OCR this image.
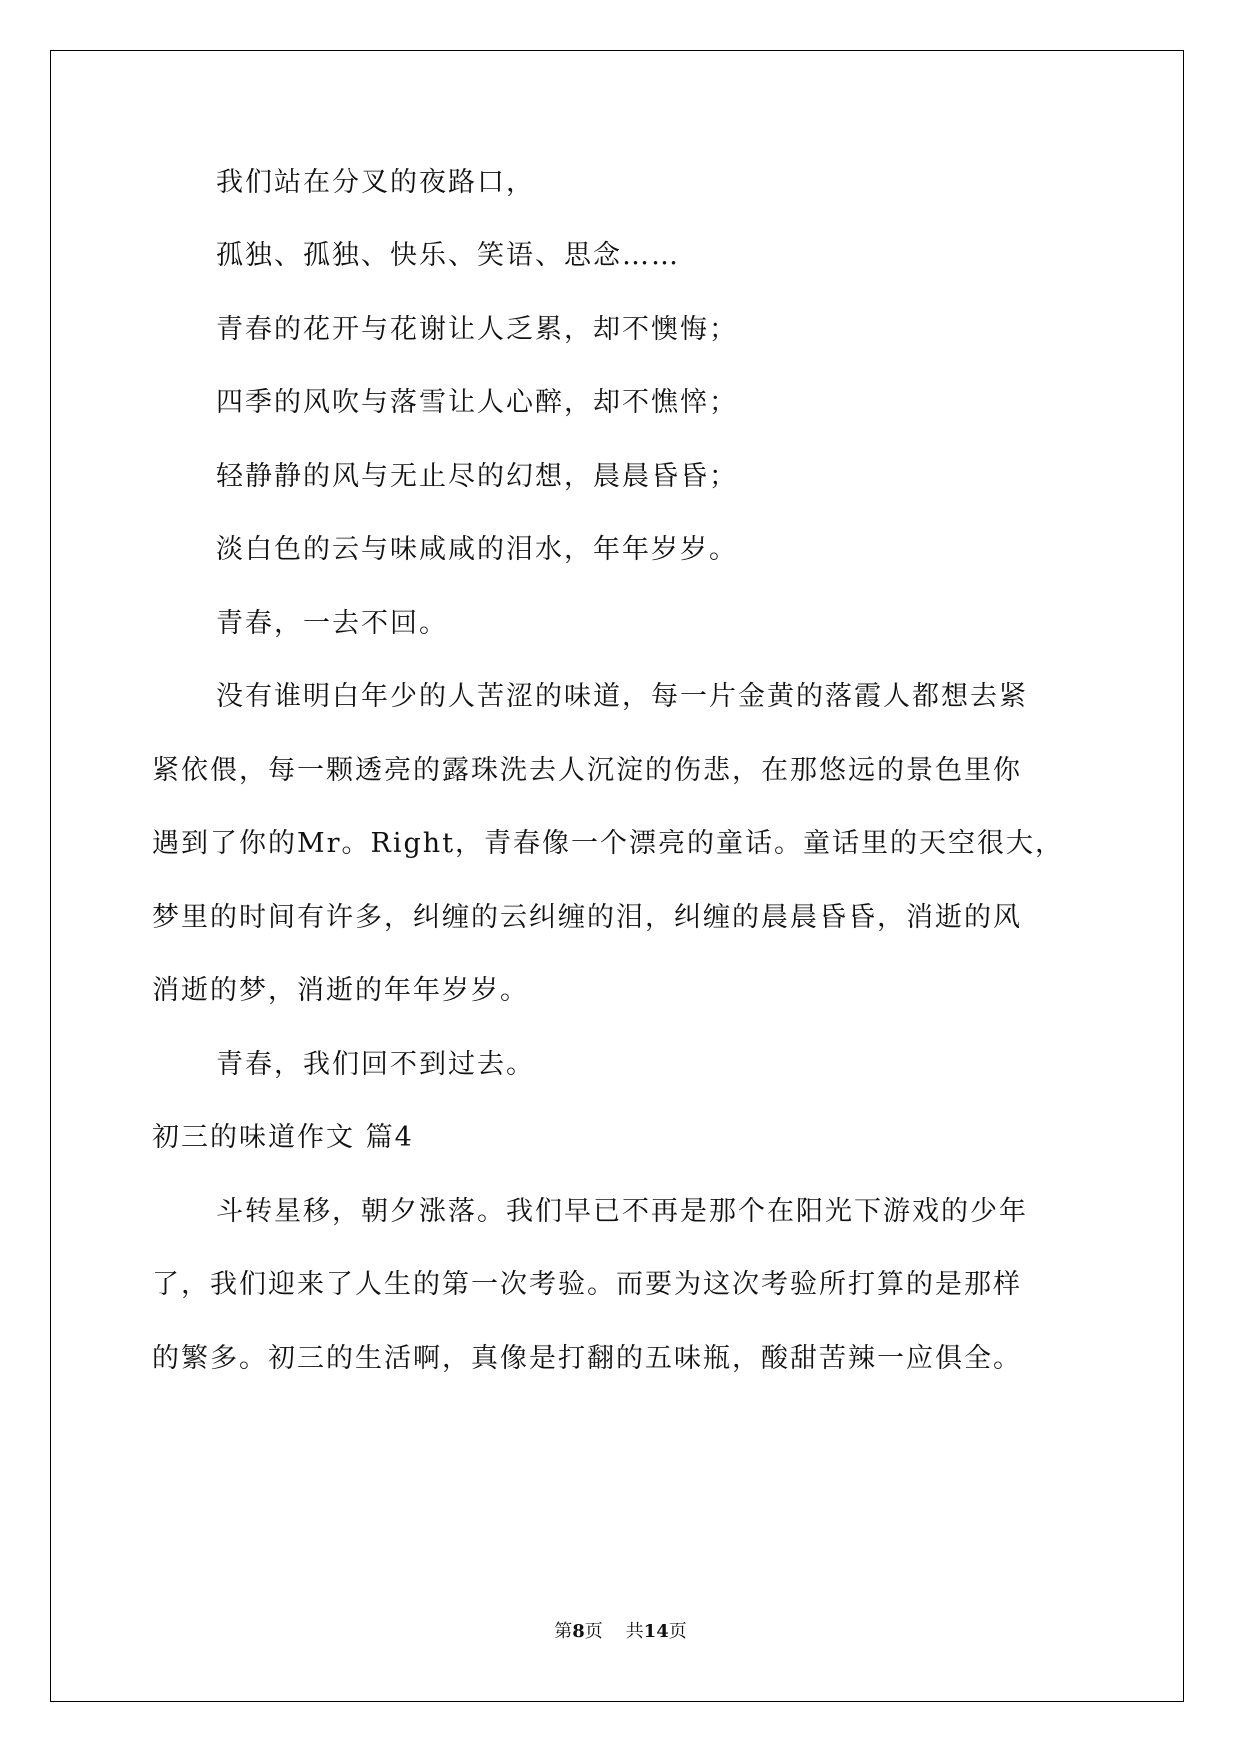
我们站在分叉的夜路口，
孤独、孤独、快乐、笑语、思念……
青春的花开与花谢让人乏累，却不懊悔；
四季的风吹与落雪让人心醉，却不憔悴；
轻静静的风与无止尽的幻想，晨晨昏昏；
淡白色的云与味咸咸的泪水，年年岁岁。
青春，一去不回。
没有谁明白年少的人苦涩的味道，每一片金黄的落霞人都想去紧
紧依偎，每一颗透亮的露珠洗去人沉淀的伤悲，在那悠远的景色里你
遇到了你的Mr。Right，青春像一个漂亮的童话。童话里的天空很大，
梦里的时间有许多，纠缠的云纠缠的泪，纠缠的晨晨昏昏，消逝的风
消逝的梦，消逝的年年岁岁。
青春，我们回不到过去。
初三的味道作文 篇4
斗转星移，朝夕涨落。我们早已不再是那个在阳光下游戏的少年
了，我们迎来了人生的第一次考验。而要为这次考验所打算的是那样
的繁多。初三的生活啊，真像是打翻的五味瓶，酸甜苦辣一应俱全。
第8页 共14页
